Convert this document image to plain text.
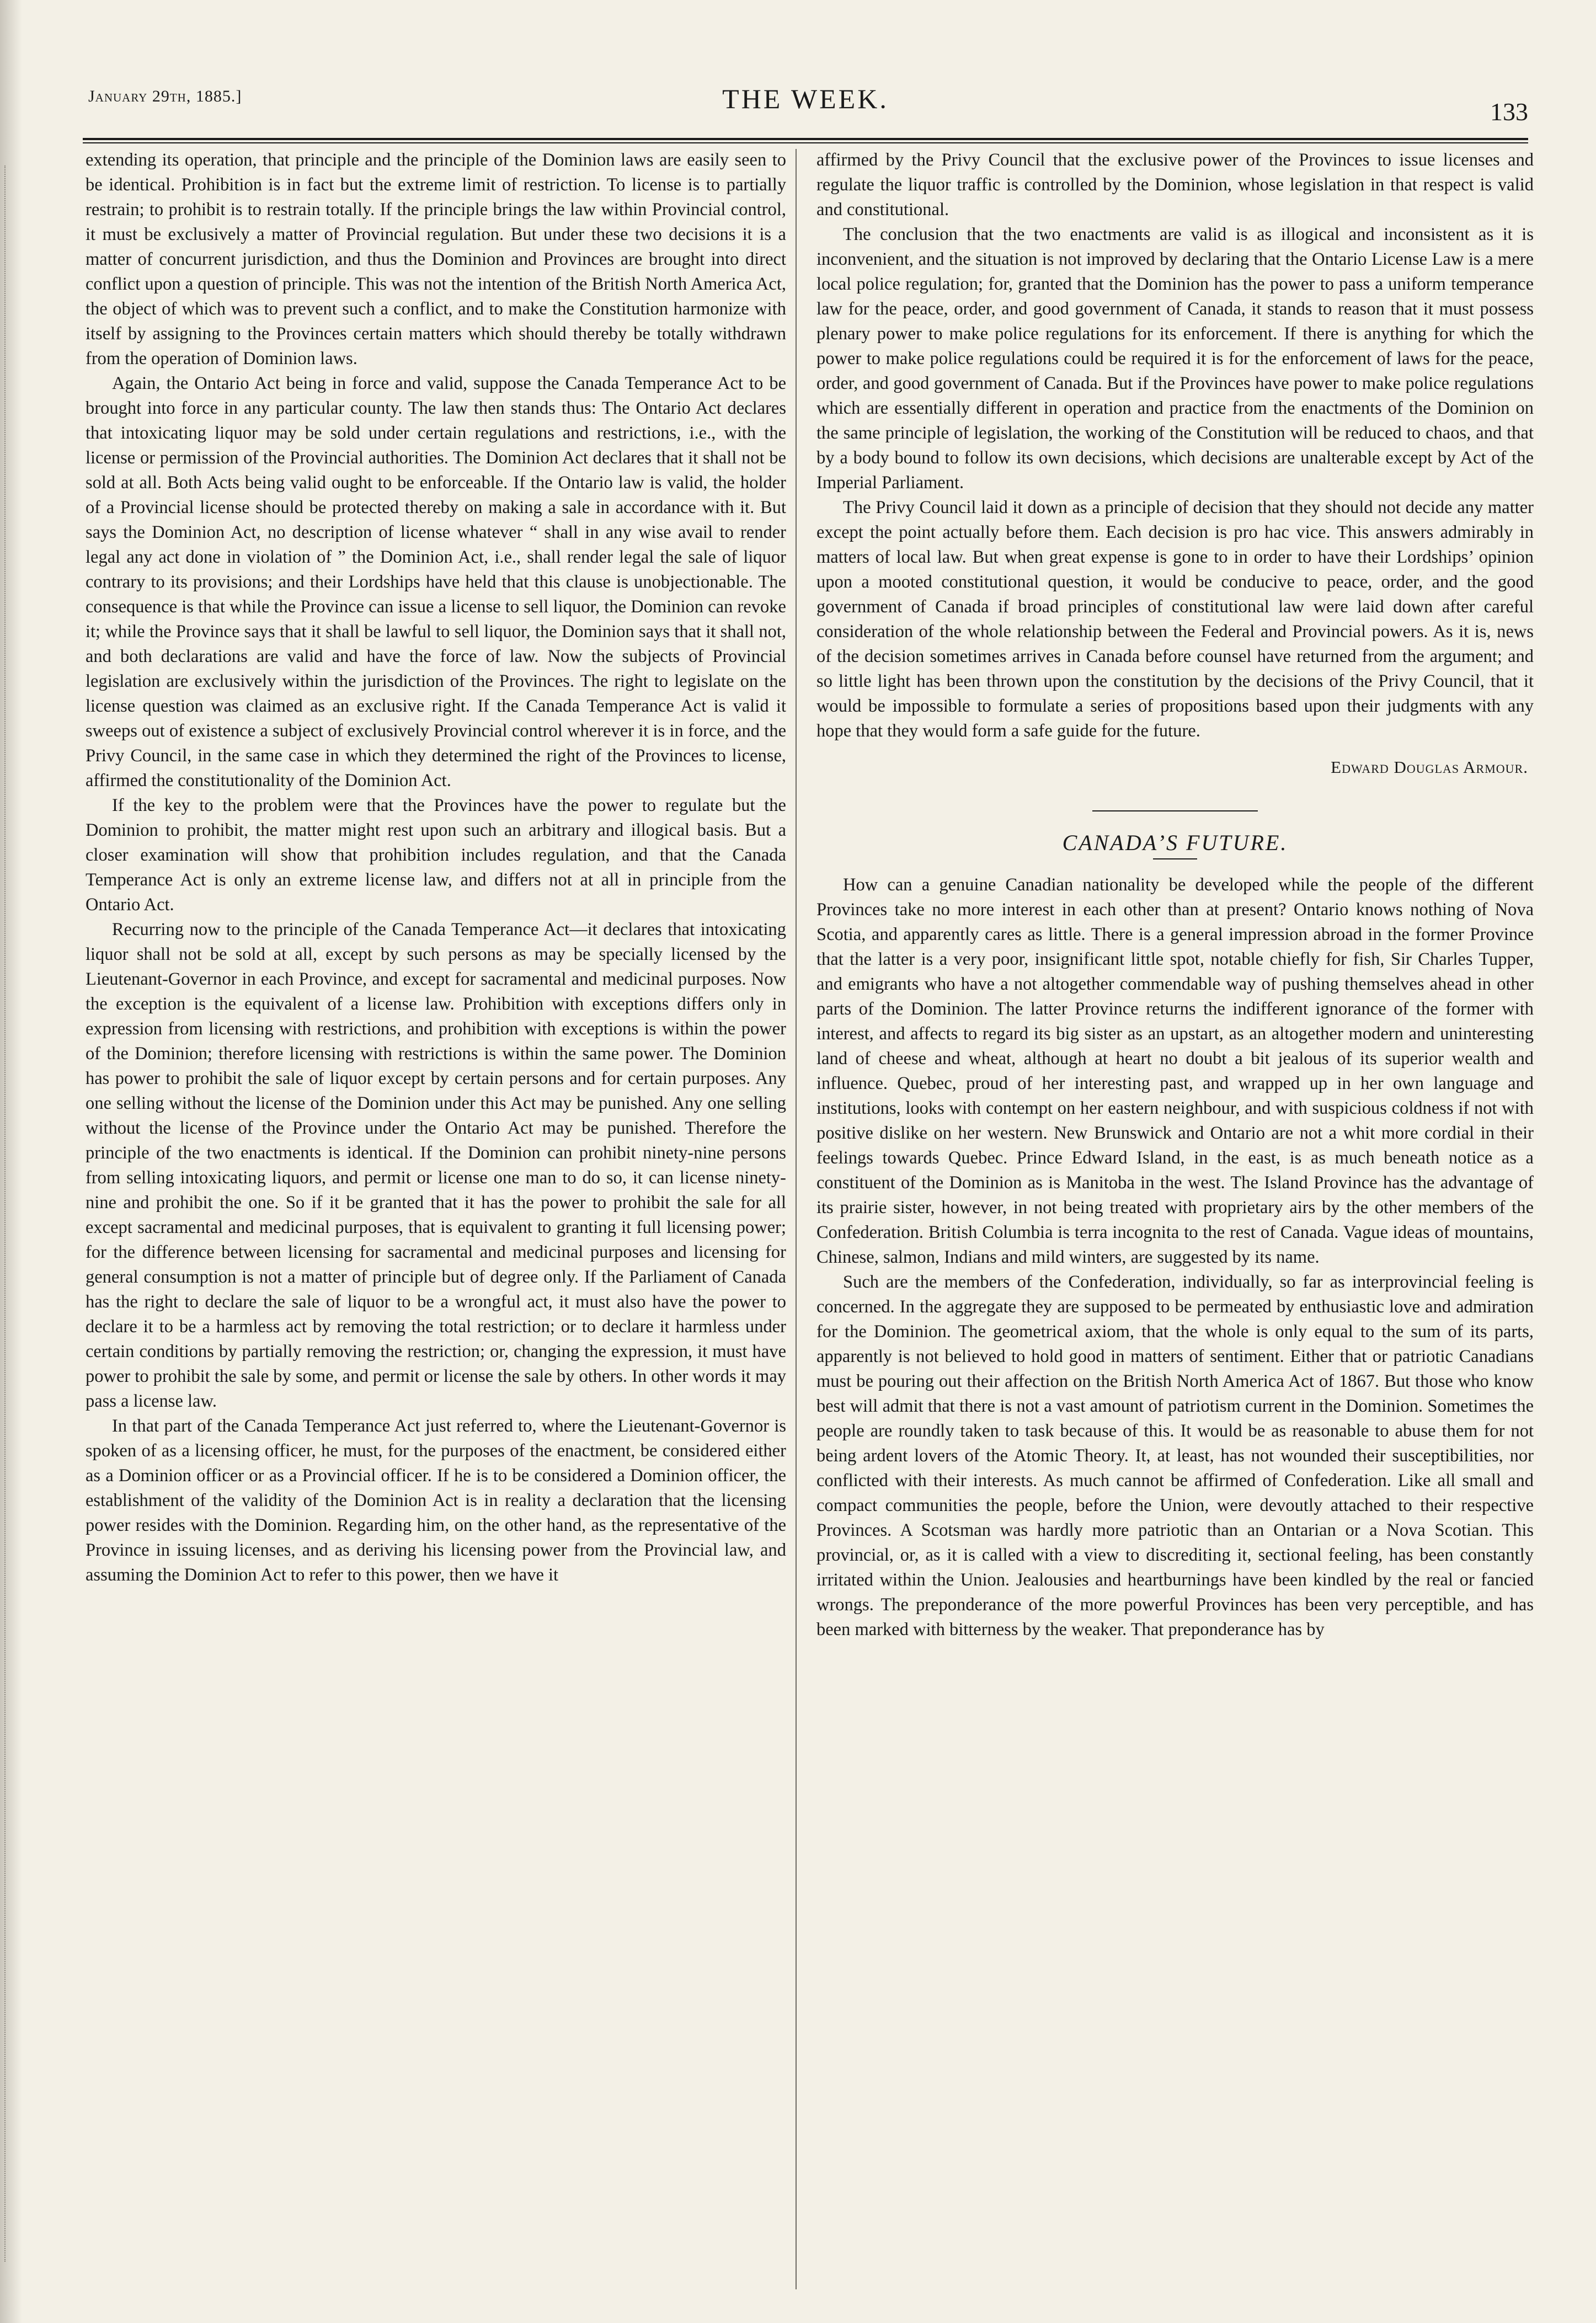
January 29th, 1885.]	THE WEEK.	133

extending its operation, that principle and the principle of the Dominion laws are easily seen to be identical. Prohibition is in fact but the extreme limit of restriction. To license is to partially restrain; to prohibit is to restrain totally. If the principle brings the law within Provincial control, it must be exclusively a matter of Provincial regulation. But under these two decisions it is a matter of concurrent jurisdiction, and thus the Dominion and Provinces are brought into direct conflict upon a question of principle. This was not the intention of the British North America Act, the object of which was to prevent such a conflict, and to make the Constitution harmonize with itself by assigning to the Provinces certain matters which should thereby be totally withdrawn from the operation of Dominion laws.

Again, the Ontario Act being in force and valid, suppose the Canada Temperance Act to be brought into force in any particular county. The law then stands thus: The Ontario Act declares that intoxicating liquor may be sold under certain regulations and restrictions, i.e., with the license or permission of the Provincial authorities. The Dominion Act declares that it shall not be sold at all. Both Acts being valid ought to be enforceable. If the Ontario law is valid, the holder of a Provincial license should be protected thereby on making a sale in accordance with it. But says the Dominion Act, no description of license whatever “ shall in any wise avail to render legal any act done in violation of ” the Dominion Act, i.e., shall render legal the sale of liquor contrary to its provisions; and their Lordships have held that this clause is unobjectionable. The consequence is that while the Province can issue a license to sell liquor, the Dominion can revoke it; while the Province says that it shall be lawful to sell liquor, the Dominion says that it shall not, and both declarations are valid and have the force of law. Now the subjects of Provincial legislation are exclusively within the jurisdiction of the Provinces. The right to legislate on the license question was claimed as an exclusive right. If the Canada Temperance Act is valid it sweeps out of existence a subject of exclusively Provincial control wherever it is in force, and the Privy Council, in the same case in which they determined the right of the Provinces to license, affirmed the constitutionality of the Dominion Act.

If the key to the problem were that the Provinces have the power to regulate but the Dominion to prohibit, the matter might rest upon such an arbitrary and illogical basis. But a closer examination will show that prohibition includes regulation, and that the Canada Temperance Act is only an extreme license law, and differs not at all in principle from the Ontario Act.

Recurring now to the principle of the Canada Temperance Act—it declares that intoxicating liquor shall not be sold at all, except by such persons as may be specially licensed by the Lieutenant-Governor in each Province, and except for sacramental and medicinal purposes. Now the exception is the equivalent of a license law. Prohibition with exceptions differs only in expression from licensing with restrictions, and prohibition with exceptions is within the power of the Dominion; therefore licensing with restrictions is within the same power. The Dominion has power to prohibit the sale of liquor except by certain persons and for certain purposes. Any one selling without the license of the Dominion under this Act may be punished. Any one selling without the license of the Province under the Ontario Act may be punished. Therefore the principle of the two enactments is identical. If the Dominion can prohibit ninety-nine persons from selling intoxicating liquors, and permit or license one man to do so, it can license ninety-nine and prohibit the one. So if it be granted that it has the power to prohibit the sale for all except sacramental and medicinal purposes, that is equivalent to granting it full licensing power; for the difference between licensing for sacramental and medicinal purposes and licensing for general consumption is not a matter of principle but of degree only. If the Parliament of Canada has the right to declare the sale of liquor to be a wrongful act, it must also have the power to declare it to be a harmless act by removing the total restriction; or to declare it harmless under certain conditions by partially removing the restriction; or, changing the expression, it must have power to prohibit the sale by some, and permit or license the sale by others. In other words it may pass a license law.

In that part of the Canada Temperance Act just referred to, where the Lieutenant-Governor is spoken of as a licensing officer, he must, for the purposes of the enactment, be considered either as a Dominion officer or as a Provincial officer. If he is to be considered a Dominion officer, the establishment of the validity of the Dominion Act is in reality a declaration that the licensing power resides with the Dominion. Regarding him, on the other hand, as the representative of the Province in issuing licenses, and as deriving his licensing power from the Provincial law, and assuming the Dominion Act to refer to this power, then we have it

affirmed by the Privy Council that the exclusive power of the Provinces to issue licenses and regulate the liquor traffic is controlled by the Dominion, whose legislation in that respect is valid and constitutional.

The conclusion that the two enactments are valid is as illogical and inconsistent as it is inconvenient, and the situation is not improved by declaring that the Ontario License Law is a mere local police regulation; for, granted that the Dominion has the power to pass a uniform temperance law for the peace, order, and good government of Canada, it stands to reason that it must possess plenary power to make police regulations for its enforcement. If there is anything for which the power to make police regulations could be required it is for the enforcement of laws for the peace, order, and good government of Canada. But if the Provinces have power to make police regulations which are essentially different in operation and practice from the enactments of the Dominion on the same principle of legislation, the working of the Constitution will be reduced to chaos, and that by a body bound to follow its own decisions, which decisions are unalterable except by Act of the Imperial Parliament.

The Privy Council laid it down as a principle of decision that they should not decide any matter except the point actually before them. Each decision is pro hac vice. This answers admirably in matters of local law. But when great expense is gone to in order to have their Lordships’ opinion upon a mooted constitutional question, it would be conducive to peace, order, and the good government of Canada if broad principles of constitutional law were laid down after careful consideration of the whole relationship between the Federal and Provincial powers. As it is, news of the decision sometimes arrives in Canada before counsel have returned from the argument; and so little light has been thrown upon the constitution by the decisions of the Privy Council, that it would be impossible to formulate a series of propositions based upon their judgments with any hope that they would form a safe guide for the future.

Edward Douglas Armour.
CANADA’S FUTURE.

How can a genuine Canadian nationality be developed while the people of the different Provinces take no more interest in each other than at present? Ontario knows nothing of Nova Scotia, and apparently cares as little. There is a general impression abroad in the former Province that the latter is a very poor, insignificant little spot, notable chiefly for fish, Sir Charles Tupper, and emigrants who have a not altogether commendable way of pushing themselves ahead in other parts of the Dominion. The latter Province returns the indifferent ignorance of the former with interest, and affects to regard its big sister as an upstart, as an altogether modern and uninteresting land of cheese and wheat, although at heart no doubt a bit jealous of its superior wealth and influence. Quebec, proud of her interesting past, and wrapped up in her own language and institutions, looks with contempt on her eastern neighbour, and with suspicious coldness if not with positive dislike on her western. New Brunswick and Ontario are not a whit more cordial in their feelings towards Quebec. Prince Edward Island, in the east, is as much beneath notice as a constituent of the Dominion as is Manitoba in the west. The Island Province has the advantage of its prairie sister, however, in not being treated with proprietary airs by the other members of the Confederation. British Columbia is terra incognita to the rest of Canada. Vague ideas of mountains, Chinese, salmon, Indians and mild winters, are suggested by its name.

Such are the members of the Confederation, individually, so far as interprovincial feeling is concerned. In the aggregate they are supposed to be permeated by enthusiastic love and admiration for the Dominion. The geometrical axiom, that the whole is only equal to the sum of its parts, apparently is not believed to hold good in matters of sentiment. Either that or patriotic Canadians must be pouring out their affection on the British North America Act of 1867. But those who know best will admit that there is not a vast amount of patriotism current in the Dominion. Sometimes the people are roundly taken to task because of this. It would be as reasonable to abuse them for not being ardent lovers of the Atomic Theory. It, at least, has not wounded their susceptibilities, nor conflicted with their interests. As much cannot be affirmed of Confederation. Like all small and compact communities the people, before the Union, were devoutly attached to their respective Provinces. A Scotsman was hardly more patriotic than an Ontarian or a Nova Scotian. This provincial, or, as it is called with a view to discrediting it, sectional feeling, has been constantly irritated within the Union. Jealousies and heartburnings have been kindled by the real or fancied wrongs. The preponderance of the more powerful Provinces has been very perceptible, and has been marked with bitterness by the weaker. That preponderance has by
